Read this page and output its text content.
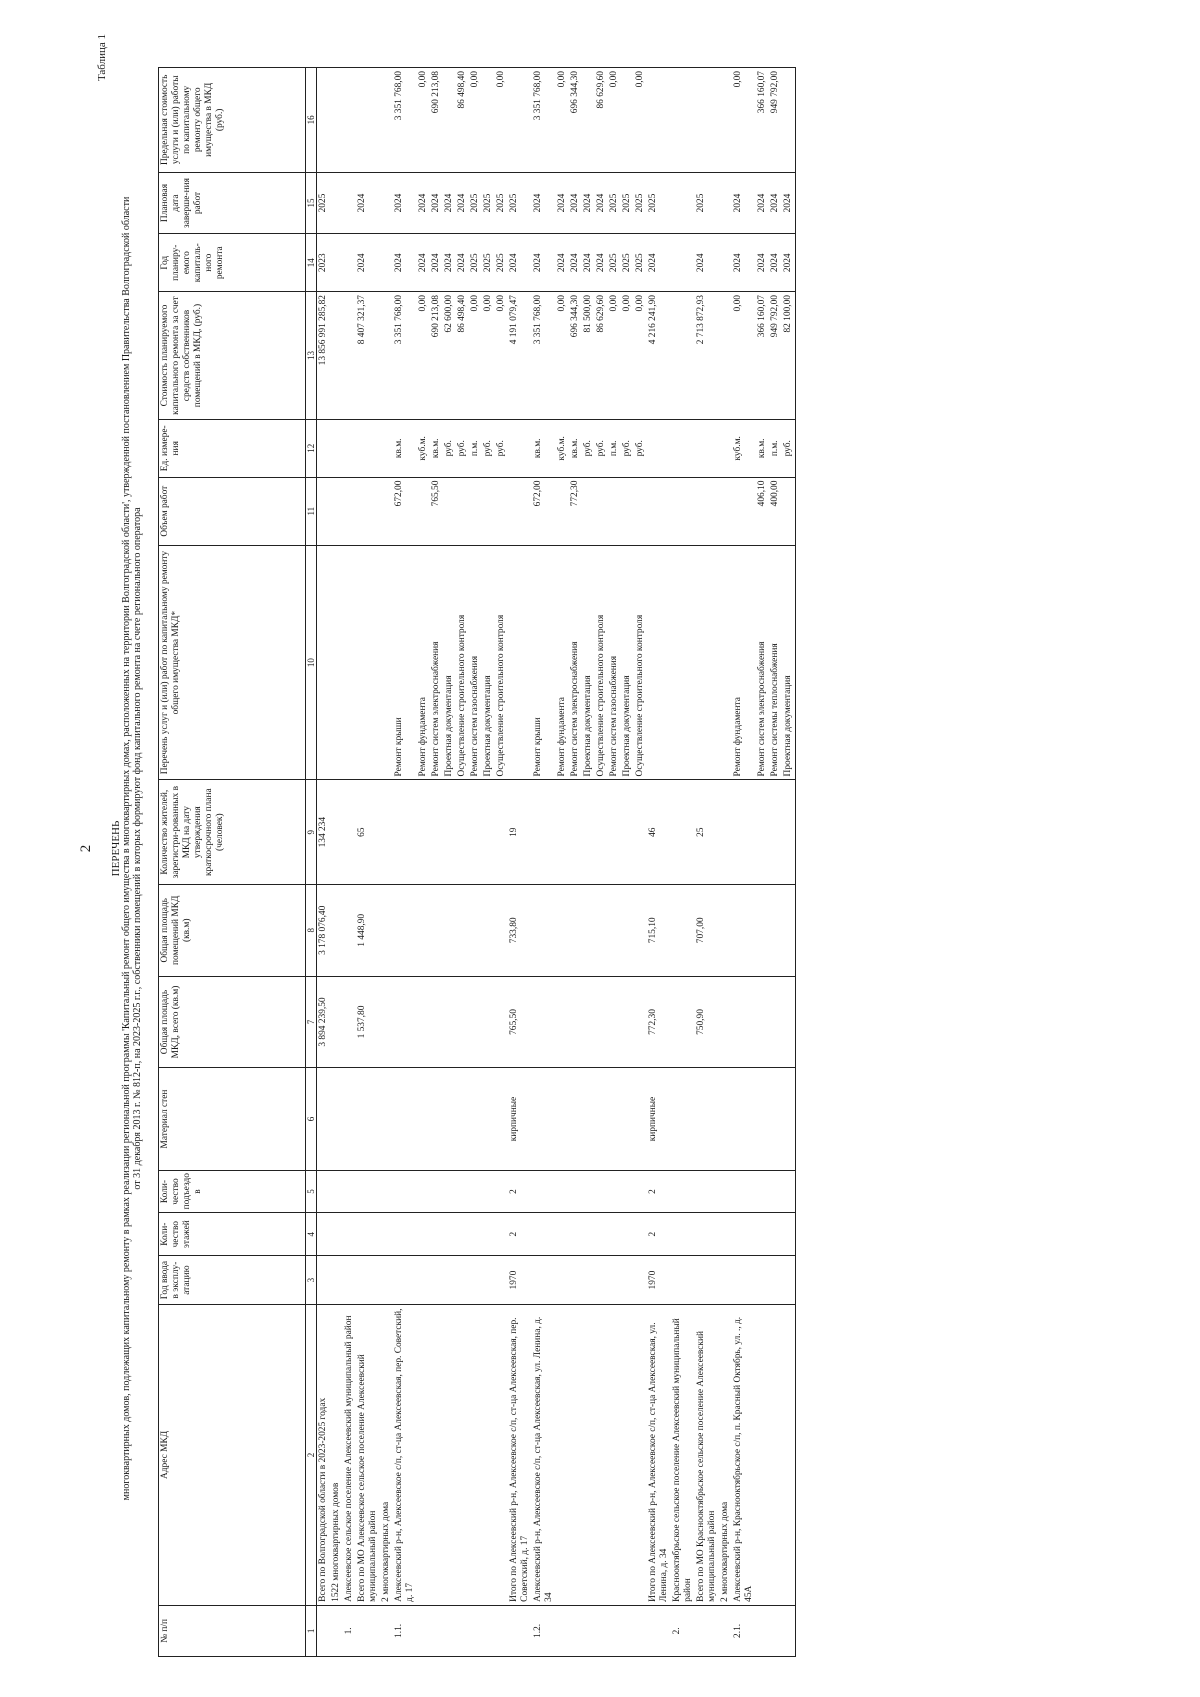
2
Таблица 1
ПЕРЕЧЕНЬ многоквартирных домов, подлежащих капитальному ремонту в рамках реализации региональной программы 'Капитальный ремонт общего имущества в многоквартирных домах, расположенных на территории Волгоградской области', утвержденной постановлением Правительства Волгоградской области от 31 декабря 2013 г. № 812-п, на 2023-2025 г.г., собственники помещений в которых формируют фонд капитального ремонта на счете регионального оператора
№ п/п	Адрес МКД	Год ввода в эксплу-атацию	Коли-чество этажей	Коли-чество подъездо в	Материал стен	Общая площадь МКД, всего (кв.м)	Общая площадь помещений МКД (кв.м)	Количество жителей, зарегистри-рованных в МКД на дату утверждения краткосрочного плана (человек)	Перечень услуг и (или) работ по капитальному ремонту общего имущества МКД*	Объем работ	Ед. измере-ния	Стоимость планируемого капитального ремонта за счет средств собственников помещений в МКД, (руб.)	Год планиру-емого капиталь-ного ремонта	Плановая дата заверше-ния работ	Предельная стоимость услуги и (или) работы по капитальному ремонту общего имущества в МКД (руб.)
1	2	3	4	5	6	7	8	9	10	11	12	13	14	15	16
	Всего по Волгоградской области в 2023-2025 годах					3 894 239,50	3 178 076,40	134 234				13 856 991 285,82	2023	2025	
	1522 многоквартирных домов														
1.	Алексеевское сельское поселение Алексеевский муниципальный район														
	Всего по МО Алексеевское сельское поселение Алексеевский муниципальный район					1 537,80	1 448,90	65				8 407 321,37	2024	2024	
	2 многоквартирных дома														
1.1.	Алексеевский р-н, Алексеевское с/п, ст-ца Алексеевская, пер. Советский, д. 17								Ремонт крыши	672,00	кв.м.	3 351 768,00	2024	2024	3 351 768,00
									Ремонт фундамента		куб.м.	0,00	2024	2024	0,00
									Ремонт систем электроснабжения	765,50	кв.м.	690 213,08	2024	2024	690 213,08
									Проектная документация		руб.	62 600,00	2024	2024	
									Осуществление строительного контроля		руб.	86 498,40	2024	2024	86 498,40
									Ремонт систем газоснабжения		п.м.	0,00	2025	2025	0,00
									Проектная документация		руб.	0,00	2025	2025	
									Осуществление строительного контроля		руб.	0,00	2025	2025	0,00
	Итого по Алексеевский р-н, Алексеевское с/п, ст-ца Алексеевская, пер. Советский, д. 17	1970	2	2	кирпичные	765,50	733,80	19				4 191 079,47	2024	2025	
1.2.	Алексеевский р-н, Алексеевское с/п, ст-ца Алексеевская, ул. Ленина, д. 34								Ремонт крыши	672,00	кв.м.	3 351 768,00	2024	2024	3 351 768,00
									Ремонт фундамента		куб.м.	0,00	2024	2024	0,00
									Ремонт систем электроснабжения	772,30	кв.м.	696 344,30	2024	2024	696 344,30
									Проектная документация		руб.	81 500,00	2024	2024	
									Осуществление строительного контроля		руб.	86 629,60	2024	2024	86 629,60
									Ремонт систем газоснабжения		п.м.	0,00	2025	2025	0,00
									Проектная документация		руб.	0,00	2025	2025	
									Осуществление строительного контроля		руб.	0,00	2025	2025	0,00
	Итого по Алексеевский р-н, Алексеевское с/п, ст-ца Алексеевская, ул. Ленина, д. 34	1970	2	2	кирпичные	772,30	715,10	46				4 216 241,90	2024	2025	
2.	Краснооктябрьское сельское поселение Алексеевский муниципальный район														
	Всего по МО Краснооктябрьское сельское поселение Алексеевский муниципальный район					750,90	707,00	25				2 713 872,93	2024	2025	
	2 многоквартирных дома														
2.1.	Алексеевский р-н, Краснооктябрьское с/п, п. Красный Октябрь, ул. ., д. 45А								Ремонт фундамента		куб.м.	0,00	2024	2024	0,00
									Ремонт систем электроснабжения	406,10	кв.м.	366 160,07	2024	2024	366 160,07
									Ремонт системы теплоснабжения	400,00	п.м.	949 792,00	2024	2024	949 792,00
									Проектная документация		руб.	82 100,00	2024	2024	
